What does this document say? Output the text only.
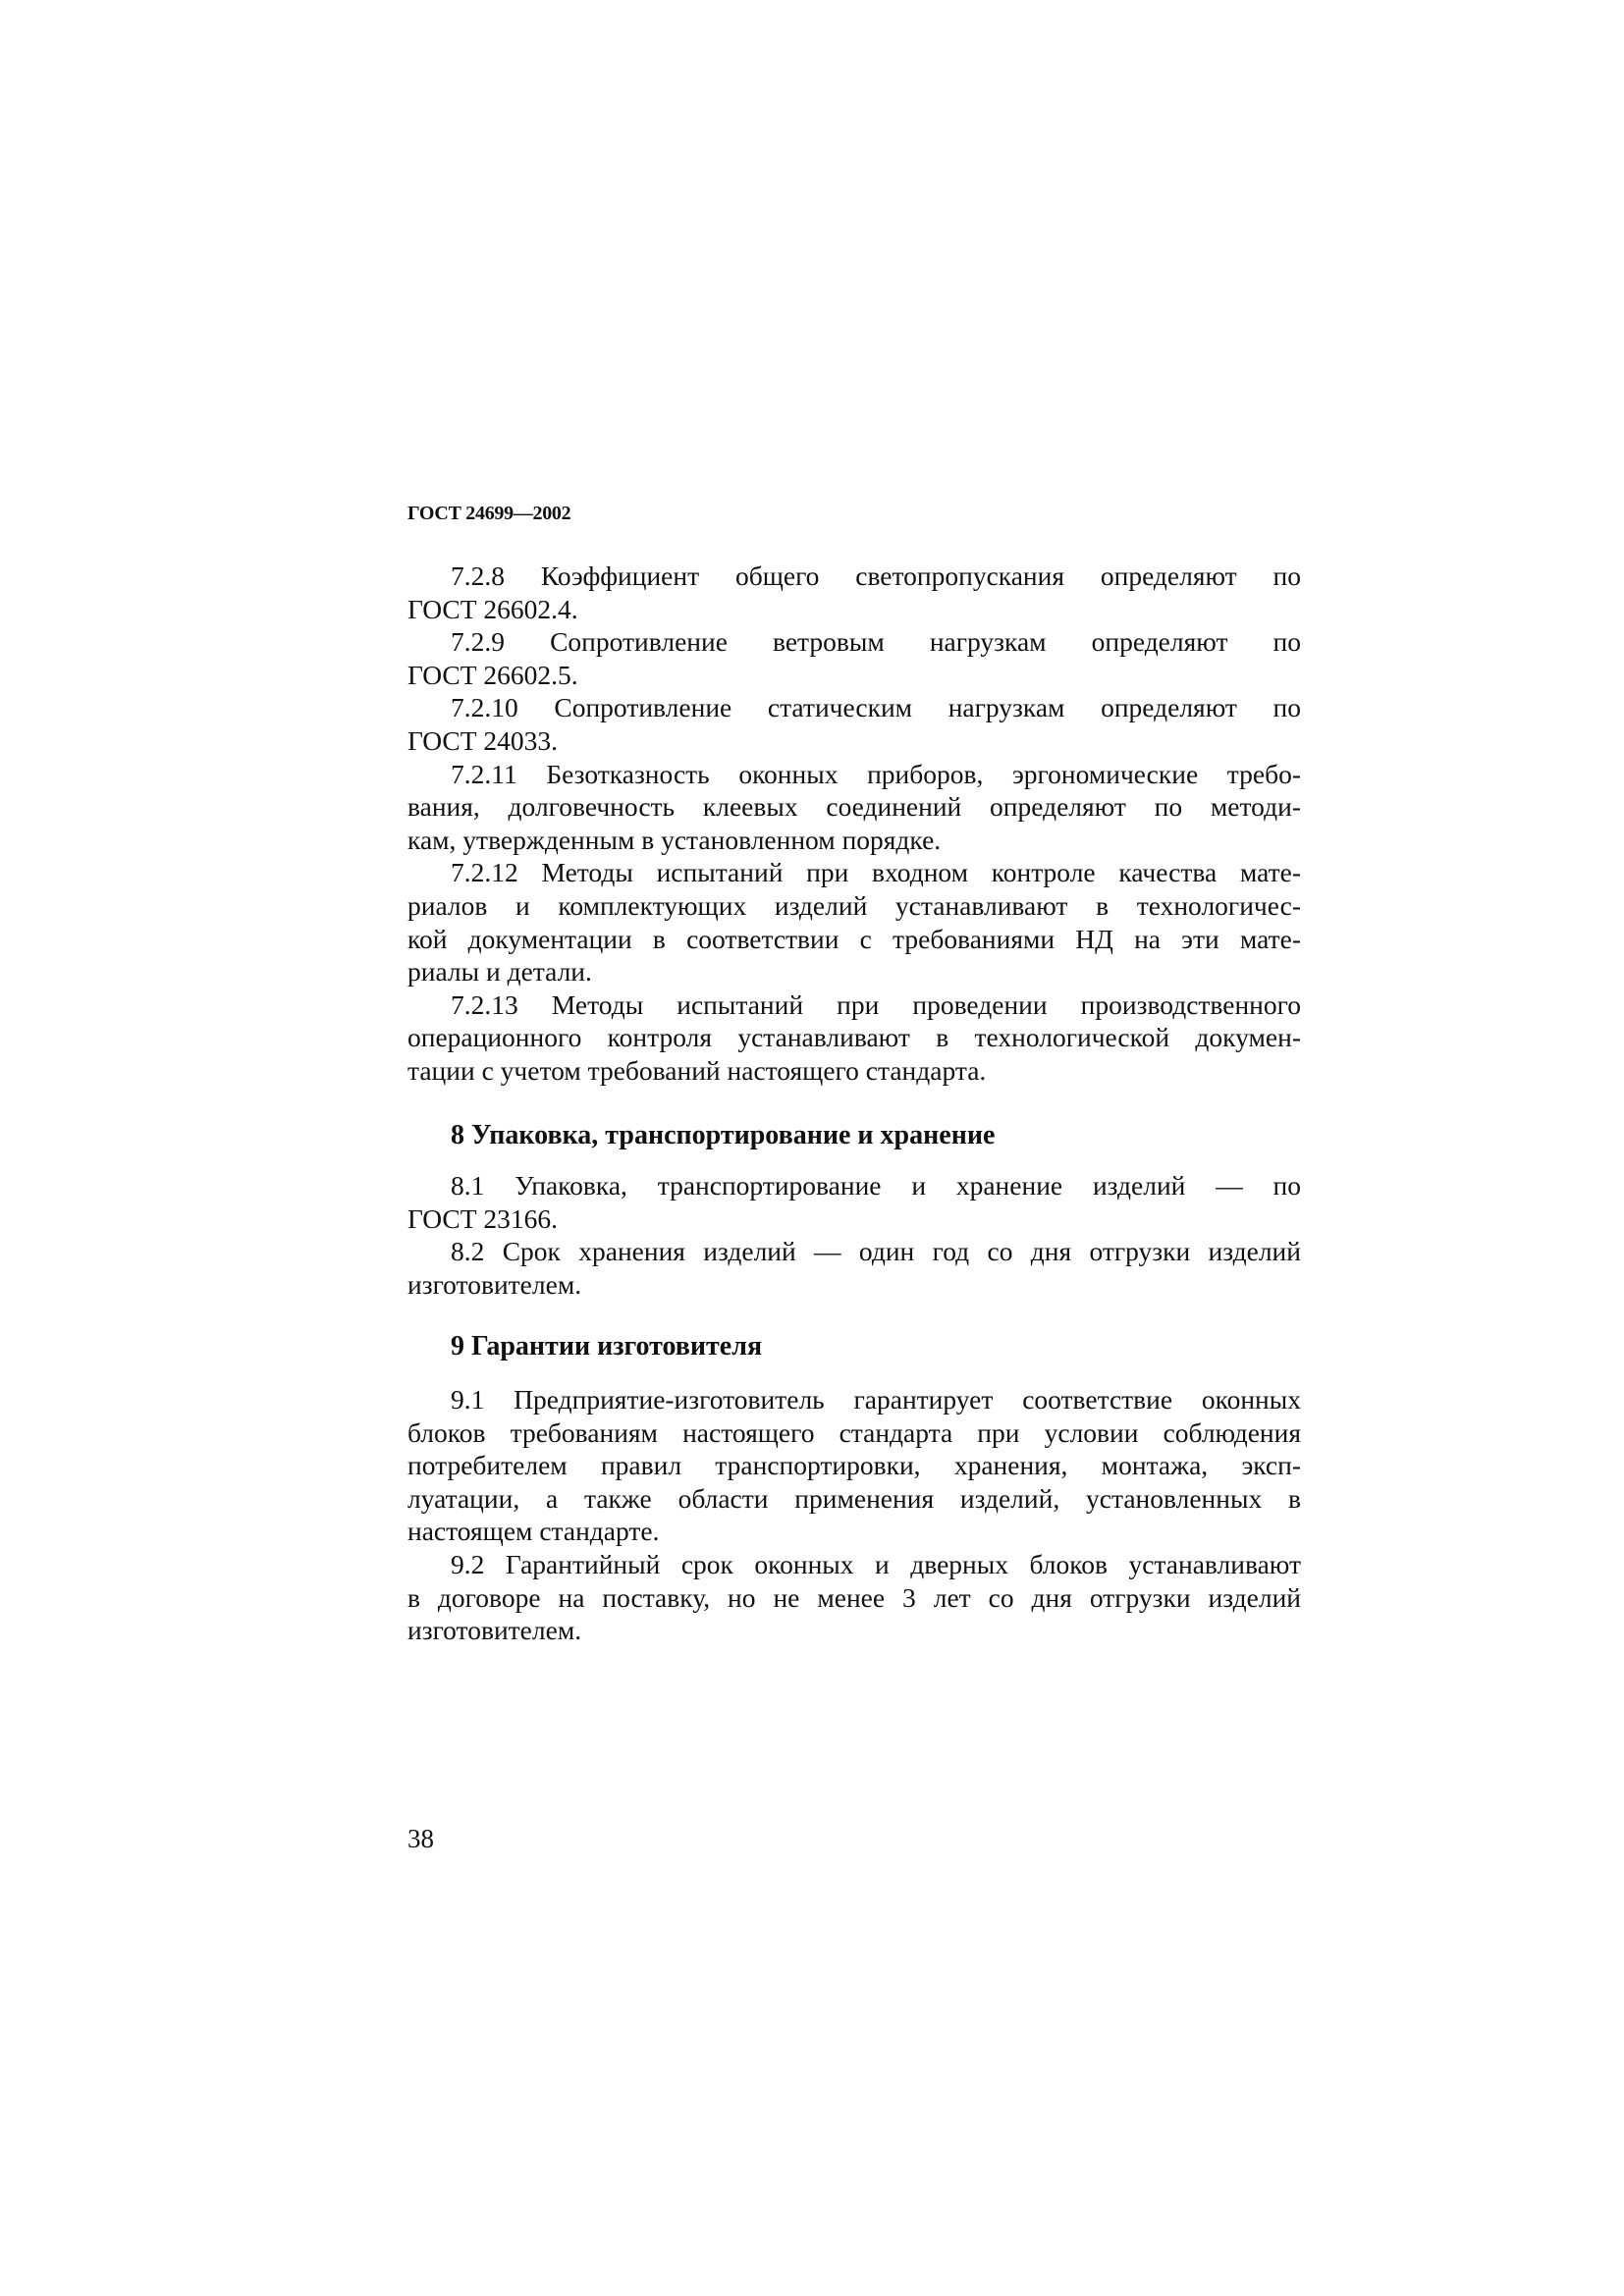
ГОСТ 24699—2002
7.2.8 Коэффициент общего светопропускания определяют по
ГОСТ 26602.4.
7.2.9 Сопротивление ветровым нагрузкам определяют по
ГОСТ 26602.5.
7.2.10 Сопротивление статическим нагрузкам определяют по
ГОСТ 24033.
7.2.11 Безотказность оконных приборов, эргономические требо-
вания, долговечность клеевых соединений определяют по методи-
кам, утвержденным в установленном порядке.
7.2.12 Методы испытаний при входном контроле качества мате-
риалов и комплектующих изделий устанавливают в технологичес-
кой документации в соответствии с требованиями НД на эти мате-
риалы и детали.
7.2.13 Методы испытаний при проведении производственного
операционного контроля устанавливают в технологической докумен-
тации с учетом требований настоящего стандарта.
8 Упаковка, транспортирование и хранение
8.1 Упаковка, транспортирование и хранение изделий — по
ГОСТ 23166.
8.2 Срок хранения изделий — один год со дня отгрузки изделий
изготовителем.
9 Гарантии изготовителя
9.1 Предприятие-изготовитель гарантирует соответствие оконных
блоков требованиям настоящего стандарта при условии соблюдения
потребителем правил транспортировки, хранения, монтажа, эксп-
луатации, а также области применения изделий, установленных в
настоящем стандарте.
9.2 Гарантийный срок оконных и дверных блоков устанавливают
в договоре на поставку, но не менее 3 лет со дня отгрузки изделий
изготовителем.
38
